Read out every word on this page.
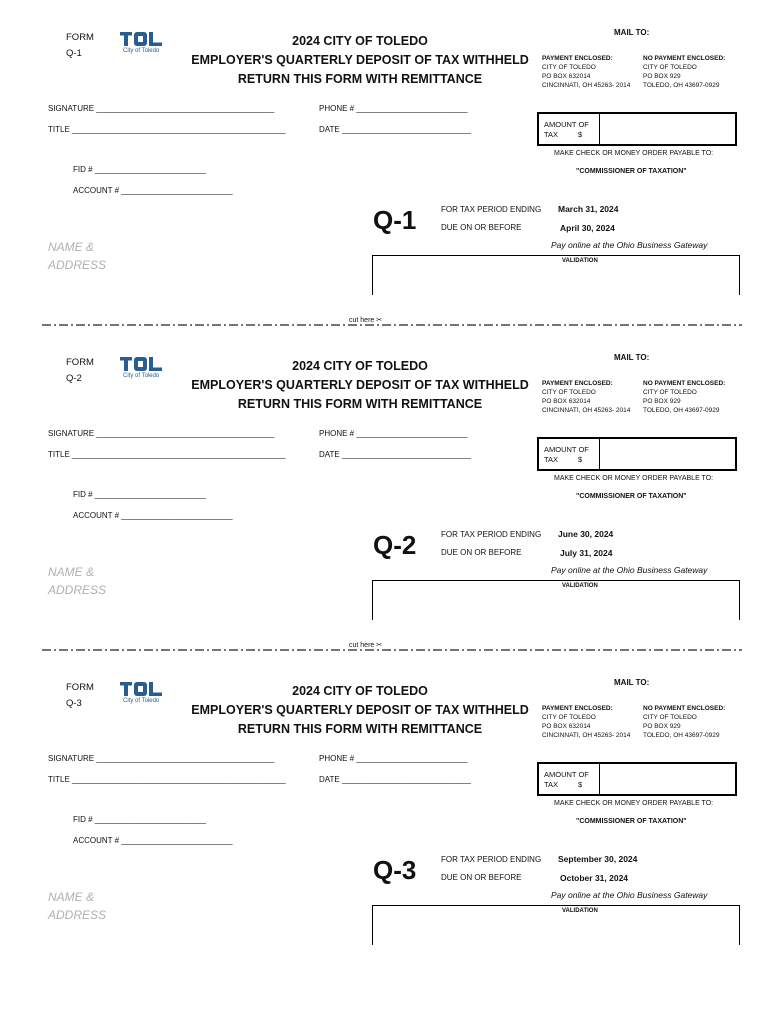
FORM
Q-1	City of Toledo
2024 CITY OF TOLEDO
EMPLOYER'S QUARTERLY DEPOSIT OF TAX WITHHELD
RETURN THIS FORM WITH REMITTANCE
MAIL TO:
PAYMENT ENCLOSED:
CITY OF TOLEDO
PO BOX 632014
CINCINNATI, OH 45263- 2014
NO PAYMENT ENCLOSED:
CITY OF TOLEDO
PO BOX 929
TOLEDO, OH 43697-0929
SIGNATURE ________________________________________
TITLE ________________________________________________
PHONE # _________________________
DATE _____________________________
AMOUNT OF
TAX	$
MAKE CHECK OR MONEY ORDER PAYABLE TO:
"COMMISSIONER OF TAXATION"
FID # _________________________
ACCOUNT # _________________________
Q-1	FOR TAX PERIOD ENDING March 31, 2024
DUE ON OR BEFORE	April 30, 2024
Pay online at the Ohio Business Gateway
NAME &
ADDRESS	VALIDATION
FORM
Q-2	City of Toledo
2024 CITY OF TOLEDO
EMPLOYER'S QUARTERLY DEPOSIT OF TAX WITHHELD
RETURN THIS FORM WITH REMITTANCE
MAIL TO:
PAYMENT ENCLOSED:
CITY OF TOLEDO
PO BOX 632014
CINCINNATI, OH 45263- 2014
NO PAYMENT ENCLOSED:
CITY OF TOLEDO
PO BOX 929
TOLEDO, OH 43697-0929
SIGNATURE ________________________________________
TITLE ________________________________________________
PHONE # _________________________
DATE _____________________________
AMOUNT OF
TAX	$
MAKE CHECK OR MONEY ORDER PAYABLE TO:
"COMMISSIONER OF TAXATION"
FID # _________________________
ACCOUNT # _________________________
Q-2	FOR TAX PERIOD ENDING June 30, 2024
DUE ON OR BEFORE	July 31, 2024
Pay online at the Ohio Business Gateway
NAME &
ADDRESS	VALIDATION
FORM
Q-3	City of Toledo
2024 CITY OF TOLEDO
EMPLOYER'S QUARTERLY DEPOSIT OF TAX WITHHELD
RETURN THIS FORM WITH REMITTANCE
MAIL TO:
PAYMENT ENCLOSED:
CITY OF TOLEDO
PO BOX 632014
CINCINNATI, OH 45263- 2014
NO PAYMENT ENCLOSED:
CITY OF TOLEDO
PO BOX 929
TOLEDO, OH 43697-0929
SIGNATURE ________________________________________
TITLE ________________________________________________
PHONE # _________________________
DATE _____________________________
AMOUNT OF
TAX	$
MAKE CHECK OR MONEY ORDER PAYABLE TO:
"COMMISSIONER OF TAXATION"
FID # _________________________
ACCOUNT # _________________________
Q-3	FOR TAX PERIOD ENDING September 30, 2024
DUE ON OR BEFORE	October 31, 2024
Pay online at the Ohio Business Gateway
NAME &
ADDRESS	VALIDATION
cut here ✂
cut here ✂
